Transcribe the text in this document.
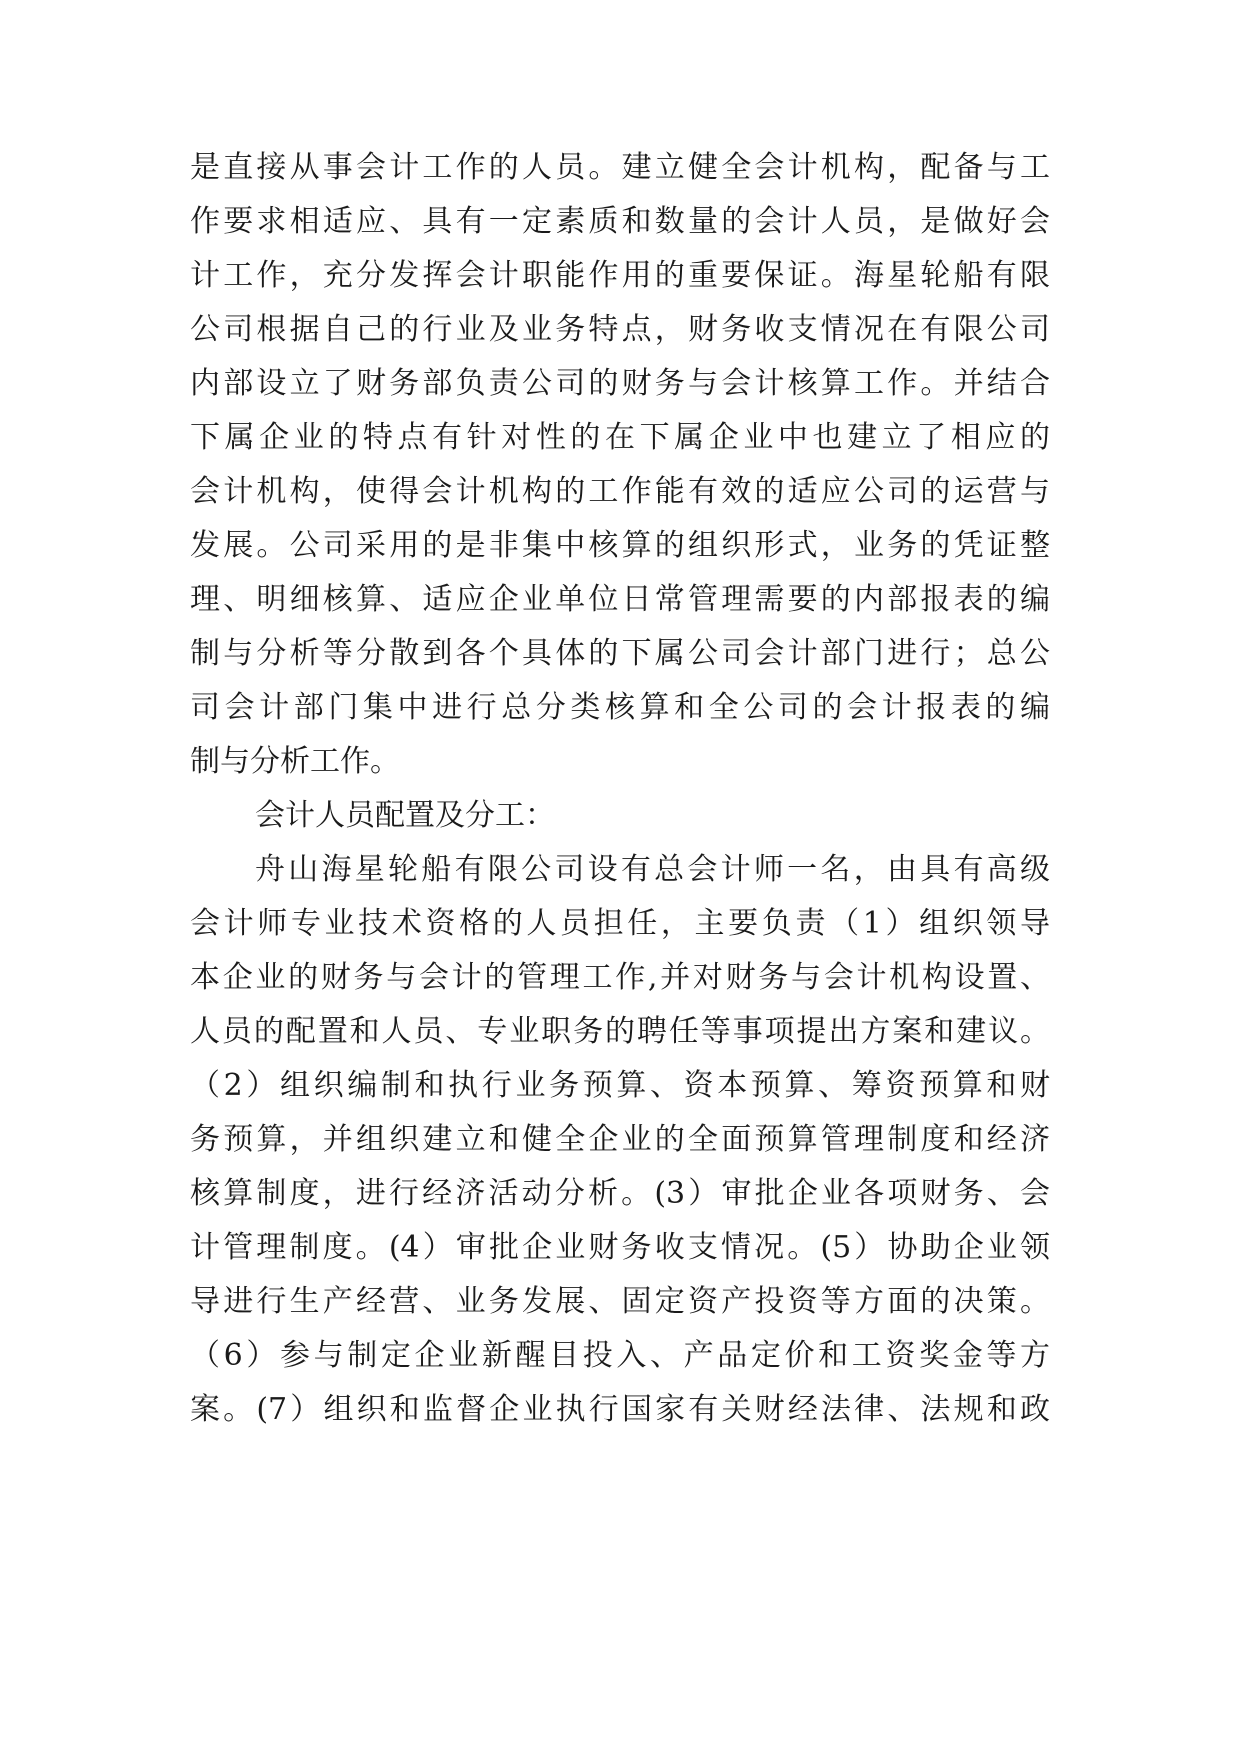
是直接从事会计工作的人员。建立健全会计机构，配备与工
作要求相适应、具有一定素质和数量的会计人员，是做好会
计工作，充分发挥会计职能作用的重要保证。海星轮船有限
公司根据自己的行业及业务特点，财务收支情况在有限公司
内部设立了财务部负责公司的财务与会计核算工作。并结合
下属企业的特点有针对性的在下属企业中也建立了相应的
会计机构，使得会计机构的工作能有效的适应公司的运营与
发展。公司采用的是非集中核算的组织形式，业务的凭证整
理、明细核算、适应企业单位日常管理需要的内部报表的编
制与分析等分散到各个具体的下属公司会计部门进行；总公
司会计部门集中进行总分类核算和全公司的会计报表的编
制与分析工作。
会计人员配置及分工：
舟山海星轮船有限公司设有总会计师一名，由具有高级
会计师专业技术资格的人员担任，主要负责（1）组织领导
本企业的财务与会计的管理工作,并对财务与会计机构设置、
人员的配置和人员、专业职务的聘任等事项提出方案和建议。
（2）组织编制和执行业务预算、资本预算、筹资预算和财
务预算，并组织建立和健全企业的全面预算管理制度和经济
核算制度，进行经济活动分析。(3）审批企业各项财务、会
计管理制度。(4）审批企业财务收支情况。(5）协助企业领
导进行生产经营、业务发展、固定资产投资等方面的决策。
（6）参与制定企业新醒目投入、产品定价和工资奖金等方
案。(7）组织和监督企业执行国家有关财经法律、法规和政
